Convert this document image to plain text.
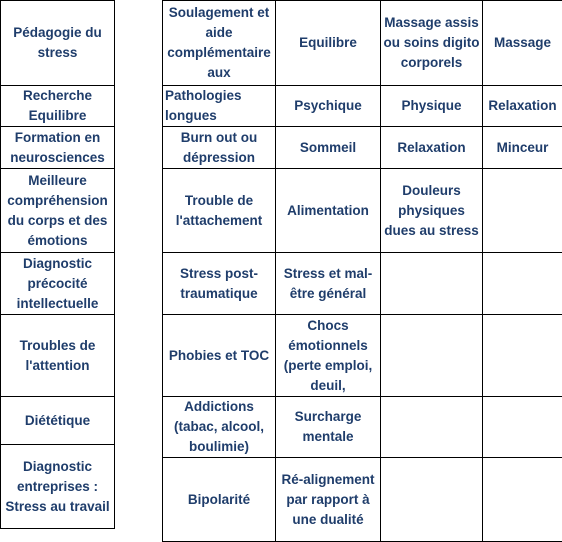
Pédagogie du stress
Recherche Equilibre
Formation en neurosciences
Meilleure compréhension du corps et des émotions
Diagnostic précocité intellectuelle
Troubles de l'attention
Diététique
Diagnostic entreprises : Stress au travail
Soulagement et aide complémentaire aux	Equilibre	Massage assis ou soins digito corporels	Massage
Pathologies longues	Psychique	Physique	Relaxation
Burn out ou dépression	Sommeil	Relaxation	Minceur
Trouble de l'attachement	Alimentation	Douleurs physiques dues au stress	
Stress post-traumatique	Stress et mal-être général		
Phobies et TOC	Chocs émotionnels (perte emploi, deuil,		
Addictions (tabac, alcool, boulimie)	Surcharge mentale		
Bipolarité	Ré-alignement par rapport à une dualité		
